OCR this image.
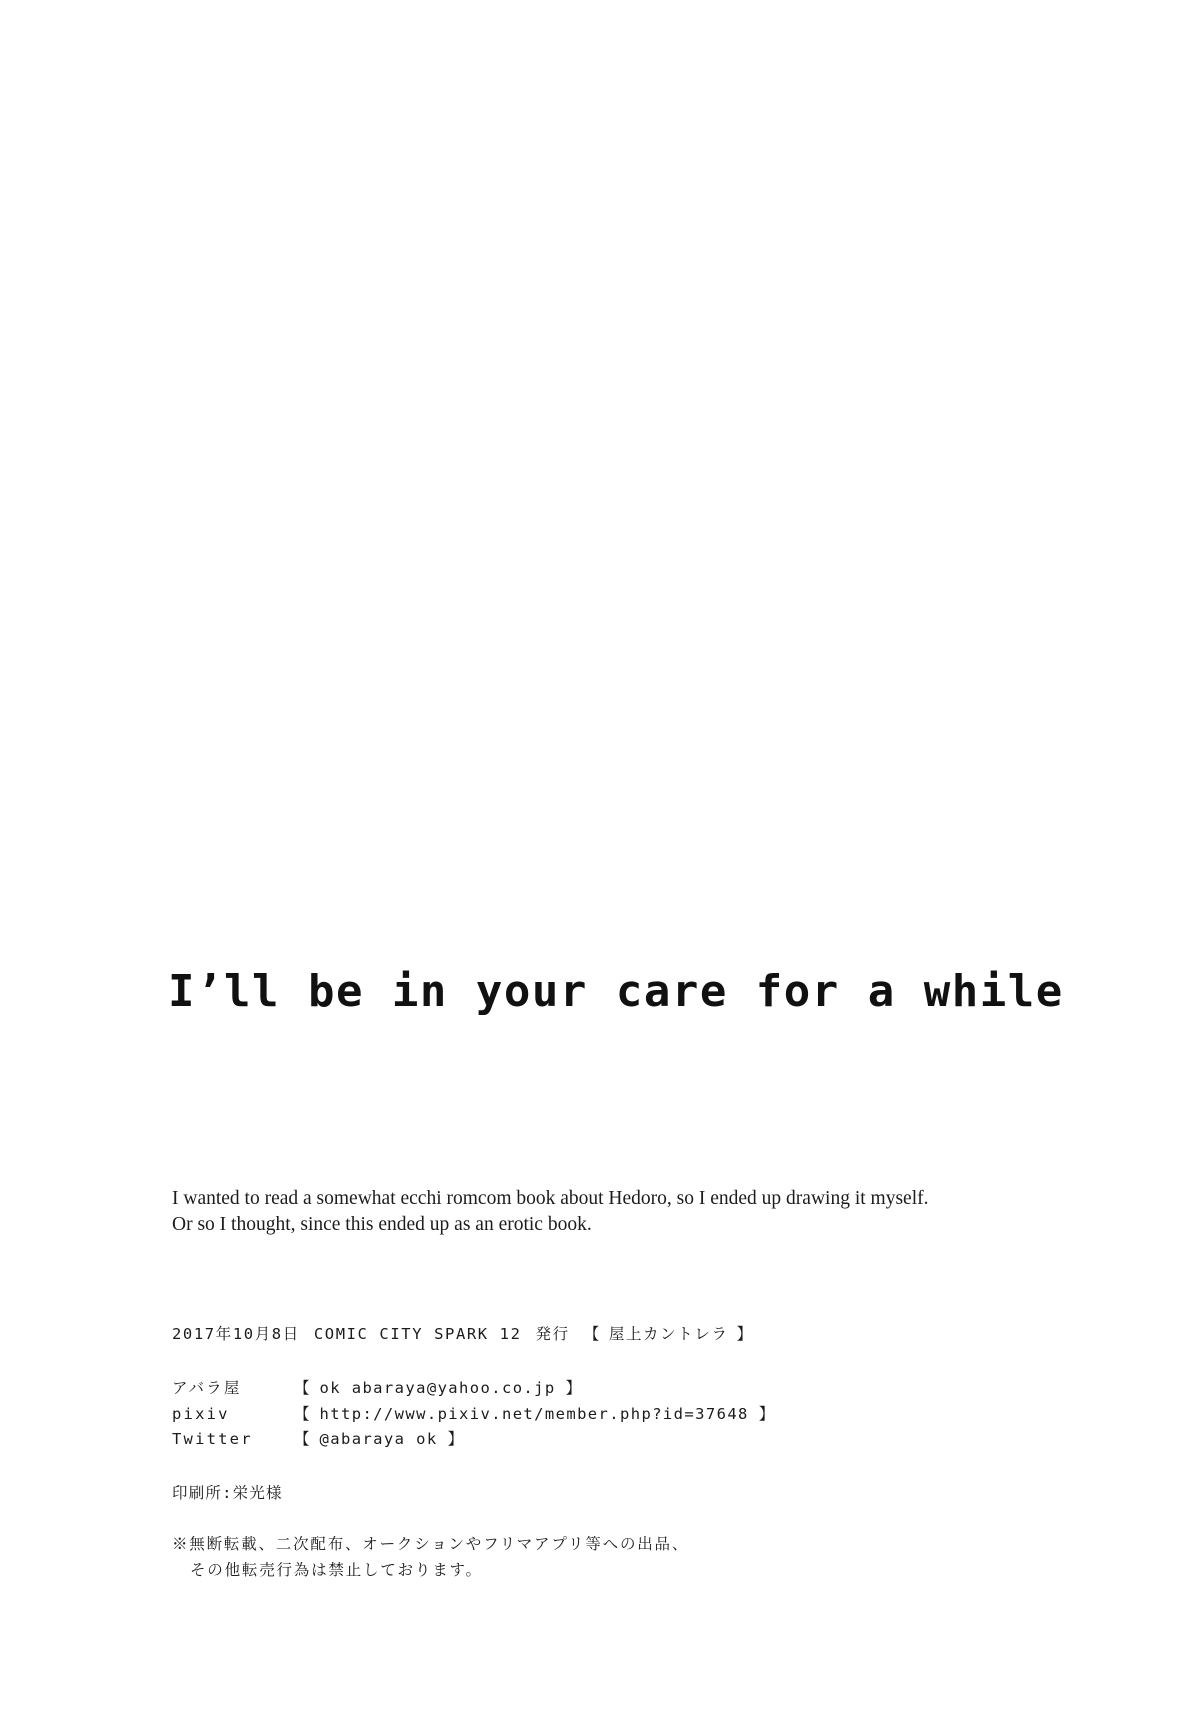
I’ll be in your care for a while
I wanted to read a somewhat ecchi romcom book about Hedoro, so I ended up drawing it myself.
Or so I thought, since this ended up as an erotic book.
2017年10月8日 COMIC CITY SPARK 12 発行 【 屋上カントレラ 】
アバラ屋	【 ok abaraya@yahoo.co.jp 】
pixiv	【 http://www.pixiv.net/member.php?id=37648 】
Twitter	【 @abaraya ok 】
印刷所:栄光様
※無断転載、二次配布、オークションやフリマアプリ等への出品、
その他転売行為は禁止しております。
